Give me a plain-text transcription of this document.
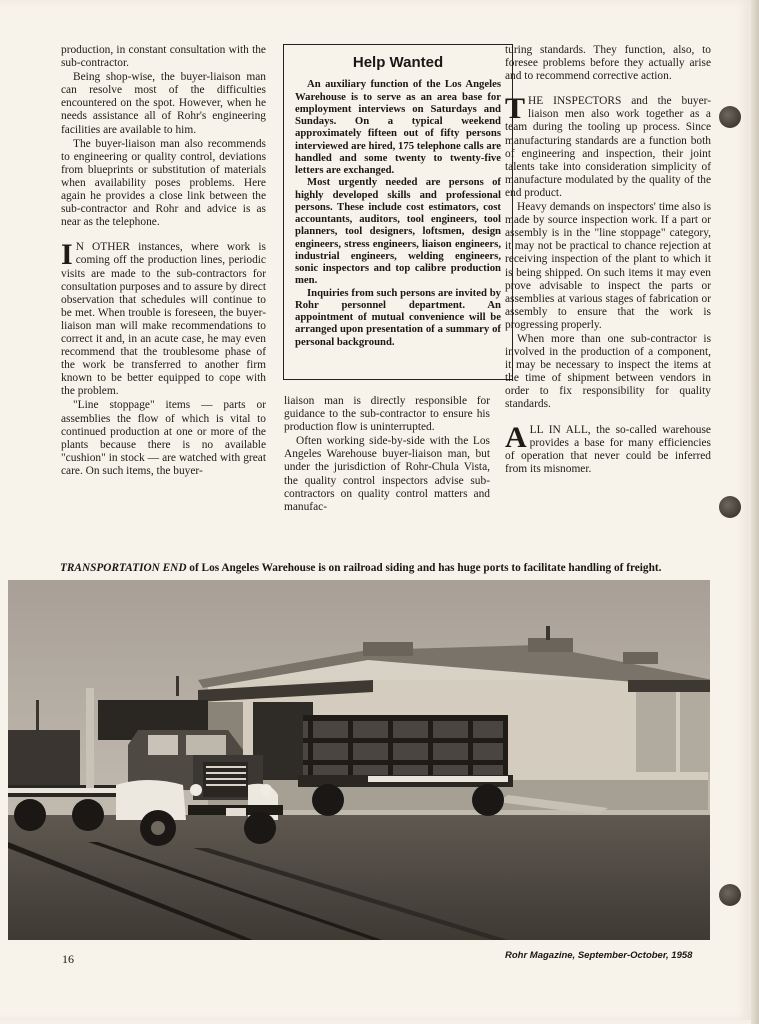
production, in constant consultation with the sub-contractor.

Being shop-wise, the buyer-liaison man can resolve most of the difficulties encountered on the spot. However, when he needs assistance all of Rohr's engineering facilities are available to him.

The buyer-liaison man also recommends to engineering or quality control, deviations from blueprints or substitution of materials when availability poses problems. Here again he provides a close link between the sub-contractor and Rohr and advice is as near as the telephone.

I N OTHER instances, where work is coming off the production lines, periodic visits are made to the sub-contractors for consultation purposes and to assure by direct observation that schedules will continue to be met. When trouble is foreseen, the buyer-liaison man will make recommendations to correct it and, in an acute case, he may even recommend that the troublesome phase of the work be transferred to another firm known to be better equipped to cope with the problem.

"Line stoppage" items — parts or assemblies the flow of which is vital to continued production at one or more of the plants because there is no available "cushion" in stock — are watched with great care. On such items, the buyer-

Help Wanted

An auxiliary function of the Los Angeles Warehouse is to serve as an area base for employment interviews on Saturdays and Sundays. On a typical weekend approximately fifteen out of fifty persons interviewed are hired, 175 telephone calls are handled and some twenty to twenty-five letters are exchanged.

Most urgently needed are persons of highly developed skills and professional persons. These include cost estimators, cost accountants, auditors, tool engineers, tool planners, tool designers, loftsmen, design engineers, stress engineers, liaison engineers, industrial engineers, welding engineers, sonic inspectors and top calibre production men.

Inquiries from such persons are invited by Rohr personnel department. An appointment of mutual convenience will be arranged upon presentation of a summary of personal background.

liaison man is directly responsible for guidance to the sub-contractor to ensure his production flow is uninterrupted.

Often working side-by-side with the Los Angeles Warehouse buyer-liaison man, but under the jurisdiction of Rohr-Chula Vista, the quality control inspectors advise sub-contractors on quality control matters and manufac-

turing standards. They function, also, to foresee problems before they actually arise and to recommend corrective action.

THE INSPECTORS and the buyer-liaison men also work together as a team during the tooling up process. Since manufacturing standards are a function both of engineering and inspection, their joint talents take into consideration simplicity of manufacture modulated by the quality of the end product.

Heavy demands on inspectors' time also is made by source inspection work. If a part or assembly is in the "line stoppage" category, it may not be practical to chance rejection at receiving inspection of the plant to which it is being shipped. On such items it may even prove advisable to inspect the parts or assemblies at various stages of fabrication or assembly to ensure that the work is progressing properly.

When more than one sub-contractor is involved in the production of a component, it may be necessary to inspect the items at the time of shipment between vendors in order to fix responsibility for quality standards.

ALL IN ALL, the so-called warehouse provides a base for many efficiencies of operation that never could be inferred from its misnomer.

TRANSPORTATION END of Los Angeles Warehouse is on railroad siding and has huge ports to facilitate handling of freight.
16	Rohr Magazine, September-October, 1958
